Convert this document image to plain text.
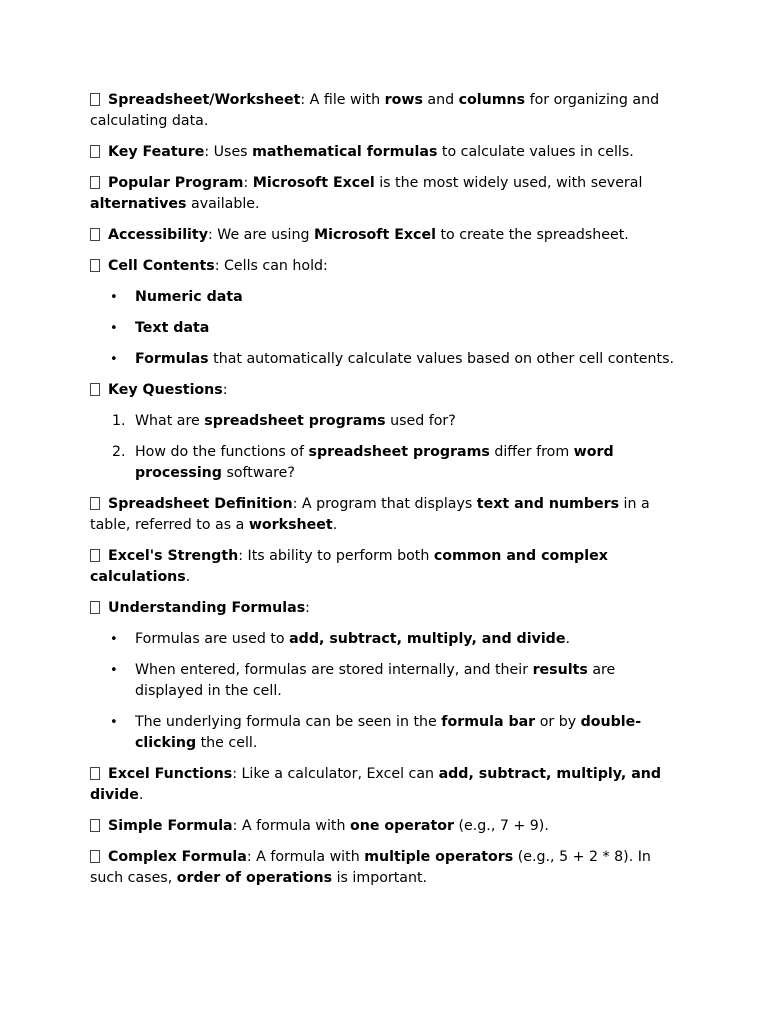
Spreadsheet/Worksheet: A file with rows and columns for organizing and calculating data.

Key Feature: Uses mathematical formulas to calculate values in cells.

Popular Program: Microsoft Excel is the most widely used, with several alternatives available.

Accessibility: We are using Microsoft Excel to create the spreadsheet.

Cell Contents: Cells can hold:

• Numeric data
• Text data
• Formulas that automatically calculate values based on other cell contents.

Key Questions:

1. What are spreadsheet programs used for?
2. How do the functions of spreadsheet programs differ from word processing software?

Spreadsheet Definition: A program that displays text and numbers in a table, referred to as a worksheet.

Excel's Strength: Its ability to perform both common and complex calculations.

Understanding Formulas:

• Formulas are used to add, subtract, multiply, and divide.
• When entered, formulas are stored internally, and their results are displayed in the cell.
• The underlying formula can be seen in the formula bar or by double-clicking the cell.

Excel Functions: Like a calculator, Excel can add, subtract, multiply, and divide.

Simple Formula: A formula with one operator (e.g., 7 + 9).

Complex Formula: A formula with multiple operators (e.g., 5 + 2 * 8). In such cases, order of operations is important.
